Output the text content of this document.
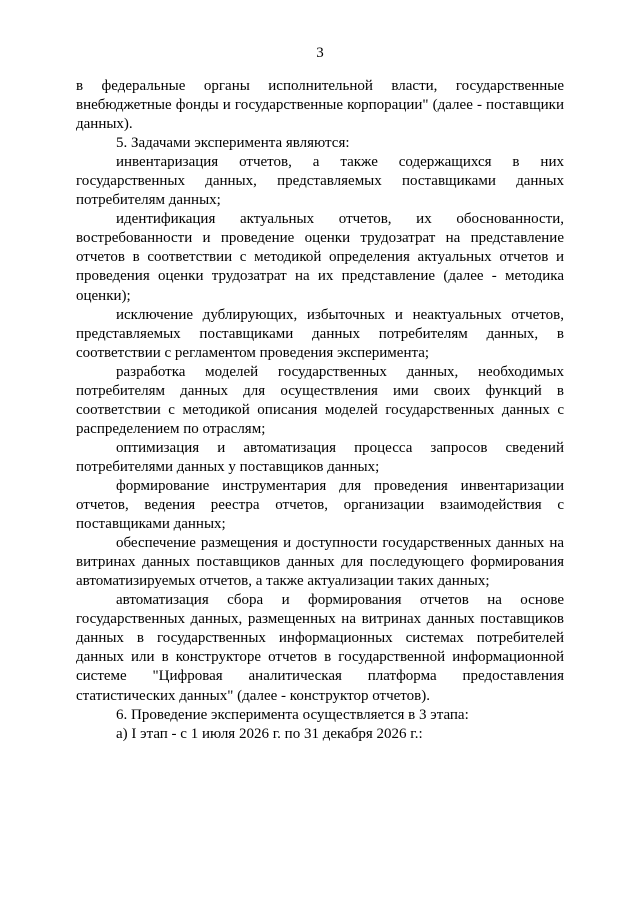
3

в федеральные органы исполнительной власти, государственные внебюджетные фонды и государственные корпорации" (далее - поставщики данных).

5. Задачами эксперимента являются:

инвентаризация отчетов, а также содержащихся в них государственных данных, представляемых поставщиками данных потребителям данных;

идентификация актуальных отчетов, их обоснованности, востребованности и проведение оценки трудозатрат на представление отчетов в соответствии с методикой определения актуальных отчетов и проведения оценки трудозатрат на их представление (далее - методика оценки);

исключение дублирующих, избыточных и неактуальных отчетов, представляемых поставщиками данных потребителям данных, в соответствии с регламентом проведения эксперимента;

разработка моделей государственных данных, необходимых потребителям данных для осуществления ими своих функций в соответствии с методикой описания моделей государственных данных с распределением по отраслям;

оптимизация и автоматизация процесса запросов сведений потребителями данных у поставщиков данных;

формирование инструментария для проведения инвентаризации отчетов, ведения реестра отчетов, организации взаимодействия с поставщиками данных;

обеспечение размещения и доступности государственных данных на витринах данных поставщиков данных для последующего формирования автоматизируемых отчетов, а также актуализации таких данных;

автоматизация сбора и формирования отчетов на основе государственных данных, размещенных на витринах данных поставщиков данных в государственных информационных системах потребителей данных или в конструкторе отчетов в государственной информационной системе "Цифровая аналитическая платформа предоставления статистических данных" (далее - конструктор отчетов).

6. Проведение эксперимента осуществляется в 3 этапа:

а) I этап - с 1 июля 2026 г. по 31 декабря 2026 г.:
